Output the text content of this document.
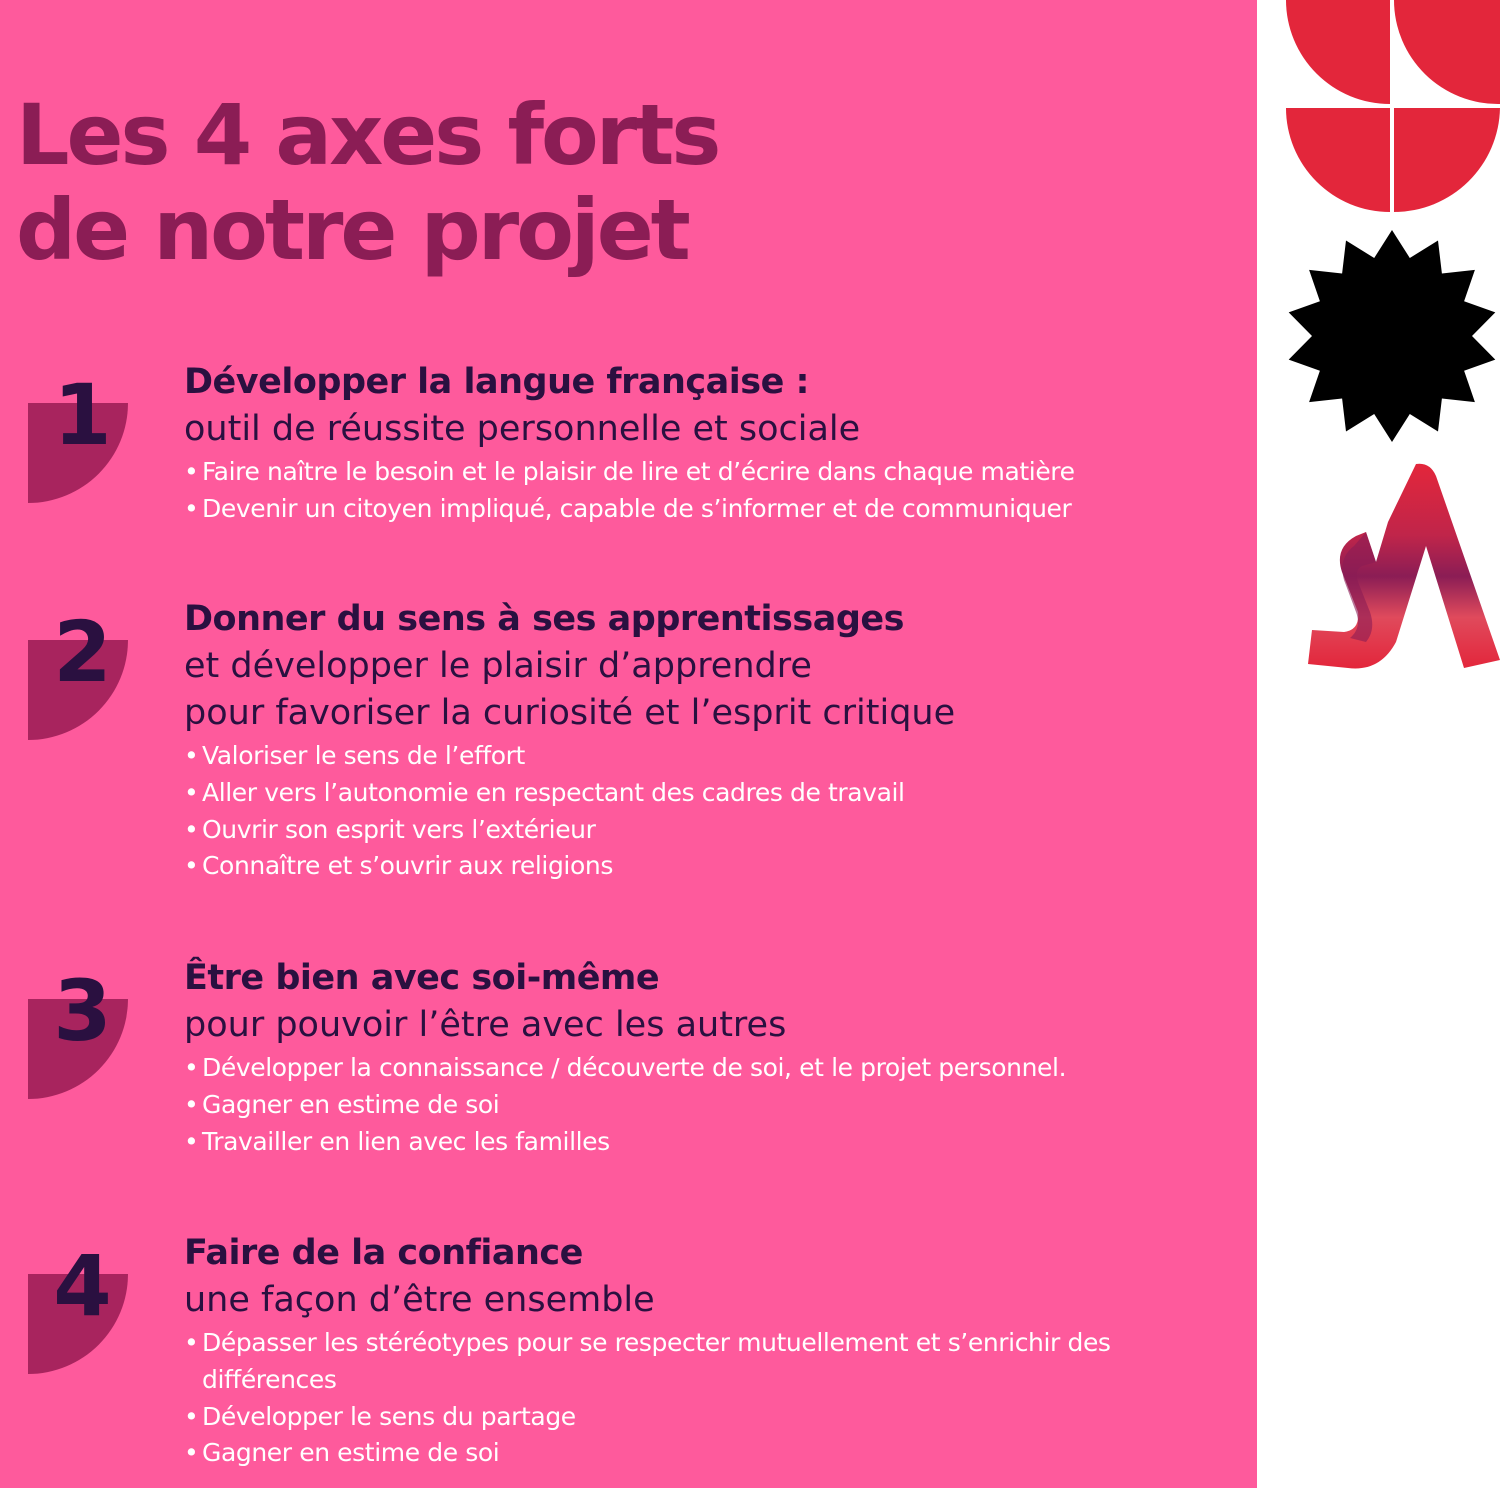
Les 4 axes forts
de notre projet
1	Développer la langue française :
outil de réussite personnelle et sociale
• Faire naître le besoin et le plaisir de lire et d’écrire dans chaque matière
• Devenir un citoyen impliqué, capable de s’informer et de communiquer
2	Donner du sens à ses apprentissages
et développer le plaisir d’apprendre
pour favoriser la curiosité et l’esprit critique
• Valoriser le sens de l’effort
• Aller vers l’autonomie en respectant des cadres de travail
• Ouvrir son esprit vers l’extérieur
• Connaître et s’ouvrir aux religions
3	Être bien avec soi-même
pour pouvoir l’être avec les autres
• Développer la connaissance / découverte de soi, et le projet personnel.
• Gagner en estime de soi
• Travailler en lien avec les familles
4	Faire de la confiance
une façon d’être ensemble
• Dépasser les stéréotypes pour se respecter mutuellement et s’enrichir des différences
• Développer le sens du partage
• Gagner en estime de soi
